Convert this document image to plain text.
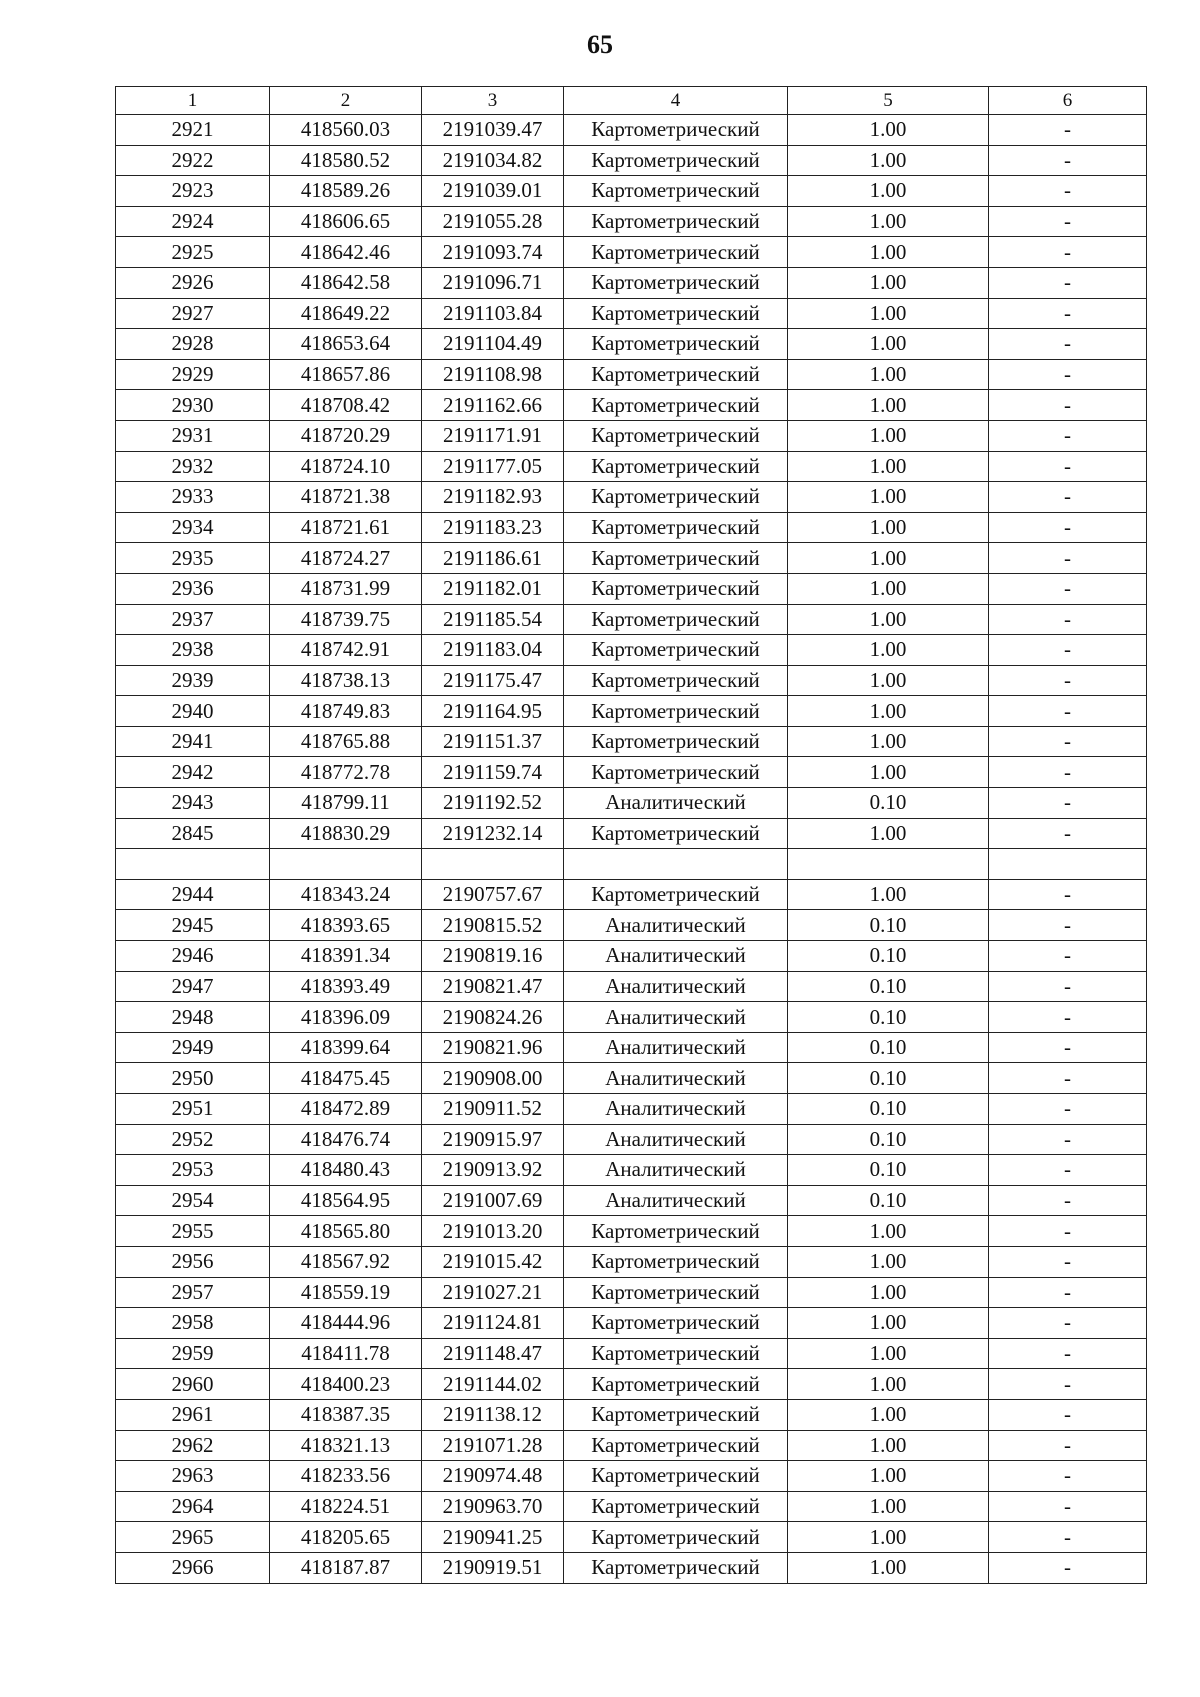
65
1	2	3	4	5	6
2921	418560.03	2191039.47	Картометрический	1.00	-
2922	418580.52	2191034.82	Картометрический	1.00	-
2923	418589.26	2191039.01	Картометрический	1.00	-
2924	418606.65	2191055.28	Картометрический	1.00	-
2925	418642.46	2191093.74	Картометрический	1.00	-
2926	418642.58	2191096.71	Картометрический	1.00	-
2927	418649.22	2191103.84	Картометрический	1.00	-
2928	418653.64	2191104.49	Картометрический	1.00	-
2929	418657.86	2191108.98	Картометрический	1.00	-
2930	418708.42	2191162.66	Картометрический	1.00	-
2931	418720.29	2191171.91	Картометрический	1.00	-
2932	418724.10	2191177.05	Картометрический	1.00	-
2933	418721.38	2191182.93	Картометрический	1.00	-
2934	418721.61	2191183.23	Картометрический	1.00	-
2935	418724.27	2191186.61	Картометрический	1.00	-
2936	418731.99	2191182.01	Картометрический	1.00	-
2937	418739.75	2191185.54	Картометрический	1.00	-
2938	418742.91	2191183.04	Картометрический	1.00	-
2939	418738.13	2191175.47	Картометрический	1.00	-
2940	418749.83	2191164.95	Картометрический	1.00	-
2941	418765.88	2191151.37	Картометрический	1.00	-
2942	418772.78	2191159.74	Картометрический	1.00	-
2943	418799.11	2191192.52	Аналитический	0.10	-
2845	418830.29	2191232.14	Картометрический	1.00	-

2944	418343.24	2190757.67	Картометрический	1.00	-
2945	418393.65	2190815.52	Аналитический	0.10	-
2946	418391.34	2190819.16	Аналитический	0.10	-
2947	418393.49	2190821.47	Аналитический	0.10	-
2948	418396.09	2190824.26	Аналитический	0.10	-
2949	418399.64	2190821.96	Аналитический	0.10	-
2950	418475.45	2190908.00	Аналитический	0.10	-
2951	418472.89	2190911.52	Аналитический	0.10	-
2952	418476.74	2190915.97	Аналитический	0.10	-
2953	418480.43	2190913.92	Аналитический	0.10	-
2954	418564.95	2191007.69	Аналитический	0.10	-
2955	418565.80	2191013.20	Картометрический	1.00	-
2956	418567.92	2191015.42	Картометрический	1.00	-
2957	418559.19	2191027.21	Картометрический	1.00	-
2958	418444.96	2191124.81	Картометрический	1.00	-
2959	418411.78	2191148.47	Картометрический	1.00	-
2960	418400.23	2191144.02	Картометрический	1.00	-
2961	418387.35	2191138.12	Картометрический	1.00	-
2962	418321.13	2191071.28	Картометрический	1.00	-
2963	418233.56	2190974.48	Картометрический	1.00	-
2964	418224.51	2190963.70	Картометрический	1.00	-
2965	418205.65	2190941.25	Картометрический	1.00	-
2966	418187.87	2190919.51	Картометрический	1.00	-
